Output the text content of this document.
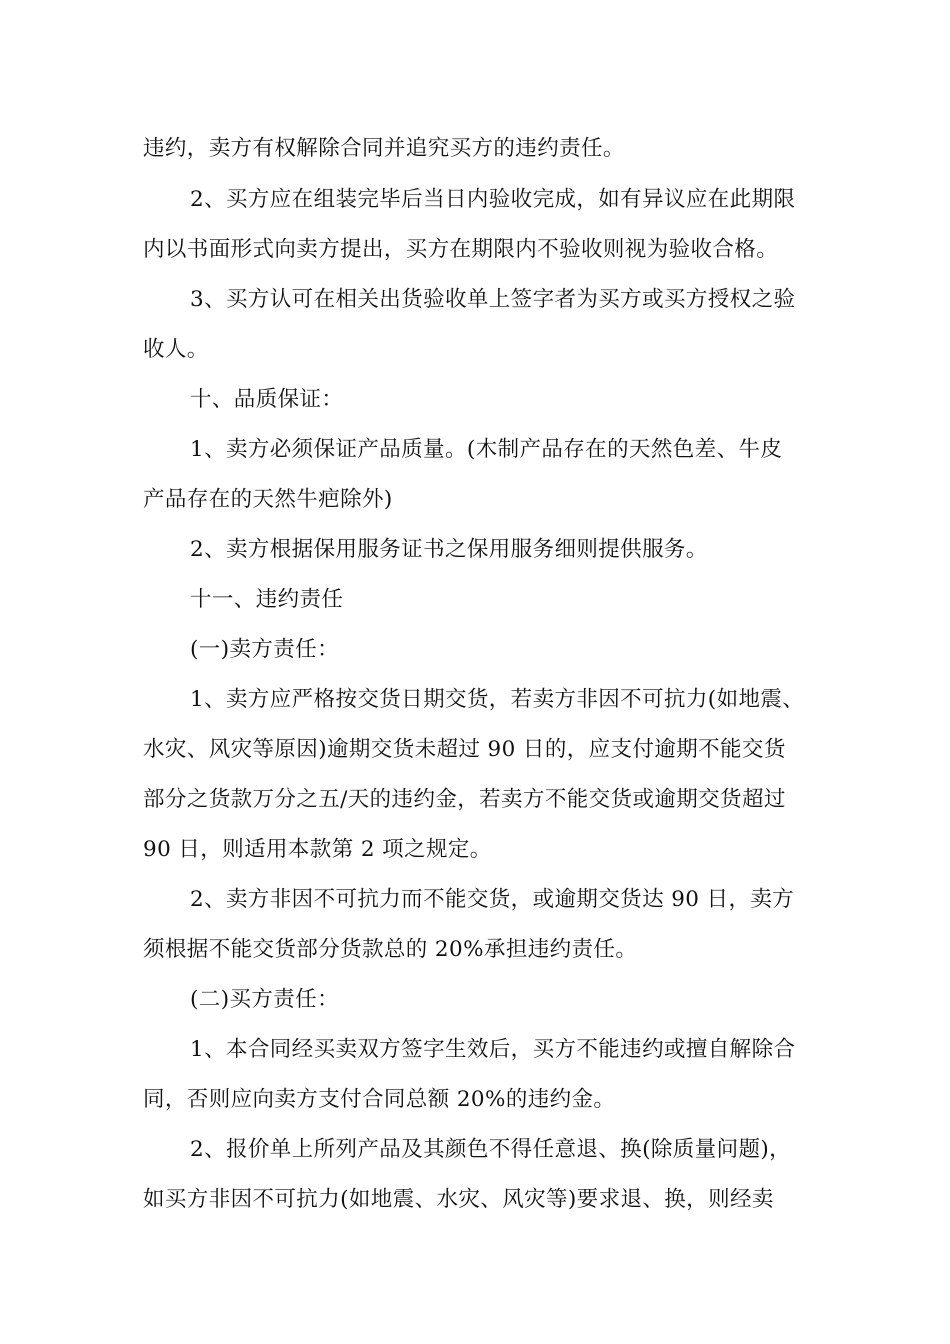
违约，卖方有权解除合同并追究买方的违约责任。
2、买方应在组装完毕后当日内验收完成，如有异议应在此期限
内以书面形式向卖方提出，买方在期限内不验收则视为验收合格。
3、买方认可在相关出货验收单上签字者为买方或买方授权之验
收人。
十、品质保证：
1、卖方必须保证产品质量。(木制产品存在的天然色差、牛皮
产品存在的天然牛疤除外)
2、卖方根据保用服务证书之保用服务细则提供服务。
十一、违约责任
(一)卖方责任：
1、卖方应严格按交货日期交货，若卖方非因不可抗力(如地震、
水灾、风灾等原因)逾期交货未超过 90 日的，应支付逾期不能交货
部分之货款万分之五/天的违约金，若卖方不能交货或逾期交货超过
90 日，则适用本款第 2 项之规定。
2、卖方非因不可抗力而不能交货，或逾期交货达 90 日，卖方
须根据不能交货部分货款总的 20%承担违约责任。
(二)买方责任：
1、本合同经买卖双方签字生效后，买方不能违约或擅自解除合
同，否则应向卖方支付合同总额 20%的违约金。
2、报价单上所列产品及其颜色不得任意退、换(除质量问题)，
如买方非因不可抗力(如地震、水灾、风灾等)要求退、换，则经卖
